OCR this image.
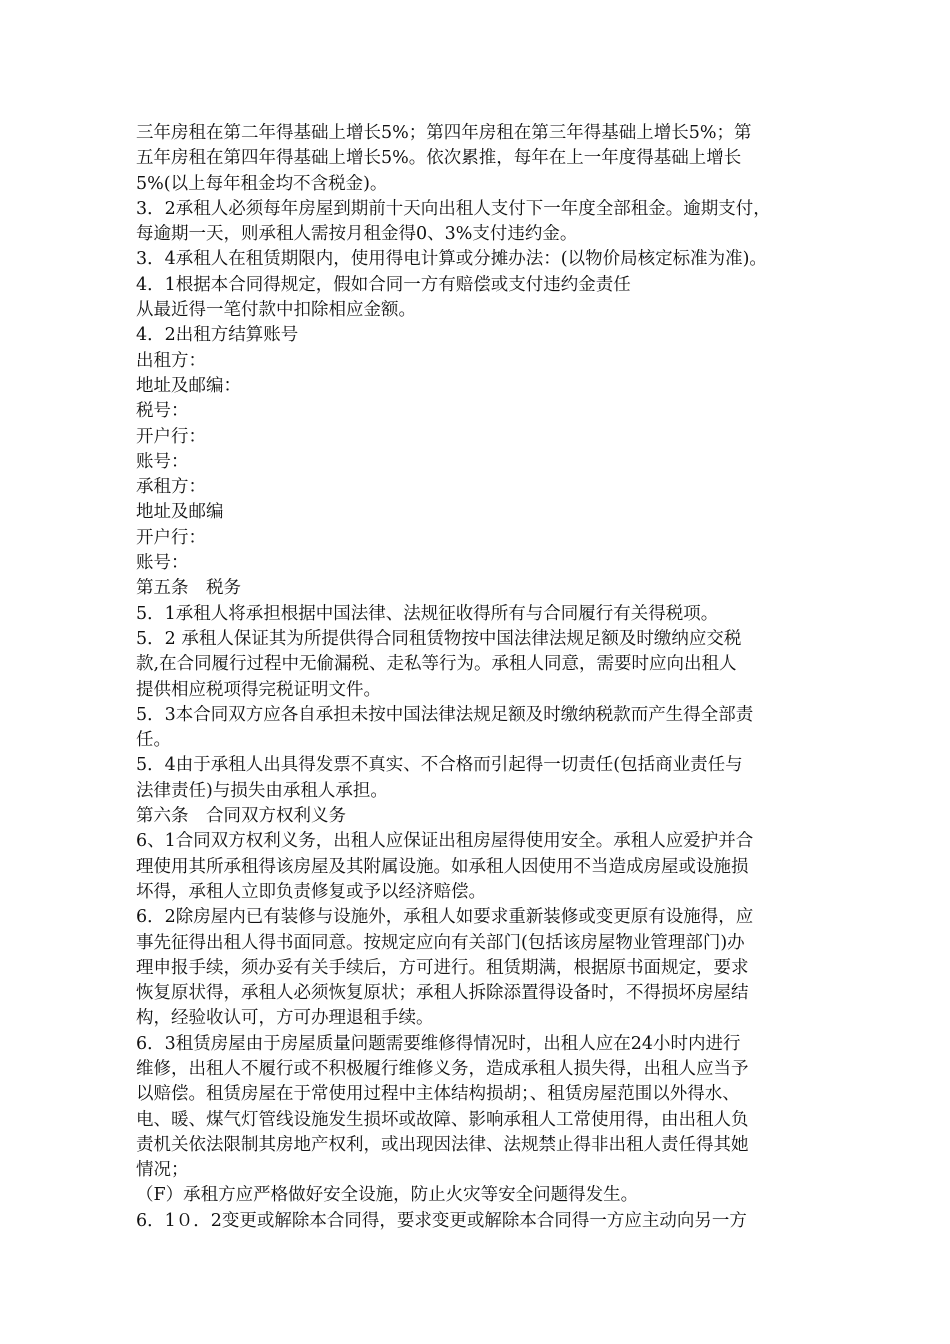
三年房租在第二年得基础上增长5%；第四年房租在第三年得基础上增长5%；第
五年房租在第四年得基础上增长5%。依次累推，每年在上一年度得基础上增长
5%(以上每年租金均不含税金)。
3．2承租人必须每年房屋到期前十天向出租人支付下一年度全部租金。逾期支付，
每逾期一天，则承租人需按月租金得0、3%支付违约金。
3．4承租人在租赁期限内，使用得电计算或分摊办法：(以物价局核定标准为准)。
4．1根据本合同得规定，假如合同一方有赔偿或支付违约金责任
从最近得一笔付款中扣除相应金额。
4．2出租方结算账号
出租方：
地址及邮编：
税号：
开户行：
账号：
承租方：
地址及邮编
开户行：
账号：
第五条　税务
5．1承租人将承担根据中国法律、法规征收得所有与合同履行有关得税项。
5．2 承租人保证其为所提供得合同租赁物按中国法律法规足额及时缴纳应交税
款,在合同履行过程中无偷漏税、走私等行为。承租人同意，需要时应向出租人
提供相应税项得完税证明文件。
5．3本合同双方应各自承担未按中国法律法规足额及时缴纳税款而产生得全部责
任。
5．4由于承租人出具得发票不真实、不合格而引起得一切责任(包括商业责任与
法律责任)与损失由承租人承担。
第六条　合同双方权利义务
6、1合同双方权利义务，出租人应保证出租房屋得使用安全。承租人应爱护并合
理使用其所承租得该房屋及其附属设施。如承租人因使用不当造成房屋或设施损
坏得，承租人立即负责修复或予以经济赔偿。
6．2除房屋内已有装修与设施外，承租人如要求重新装修或变更原有设施得，应
事先征得出租人得书面同意。按规定应向有关部门(包括该房屋物业管理部门)办
理申报手续，须办妥有关手续后，方可进行。租赁期满，根据原书面规定，要求
恢复原状得，承租人必须恢复原状；承租人拆除添置得设备时，不得损坏房屋结
构，经验收认可，方可办理退租手续。
6．3租赁房屋由于房屋质量问题需要维修得情况时，出租人应在24小时内进行
维修，出租人不履行或不积极履行维修义务，造成承租人损失得，出租人应当予
以赔偿。租赁房屋在于常使用过程中主体结构损胡；、租赁房屋范围以外得水、
电、暖、煤气灯管线设施发生损坏或故障、影响承租人工常使用得，由出租人负
责机关依法限制其房地产权利，或出现因法律、法规禁止得非出租人责任得其她
情况；
（F）承租方应严格做好安全设施，防止火灾等安全问题得发生。
6．1０．2变更或解除本合同得，要求变更或解除本合同得一方应主动向另一方
